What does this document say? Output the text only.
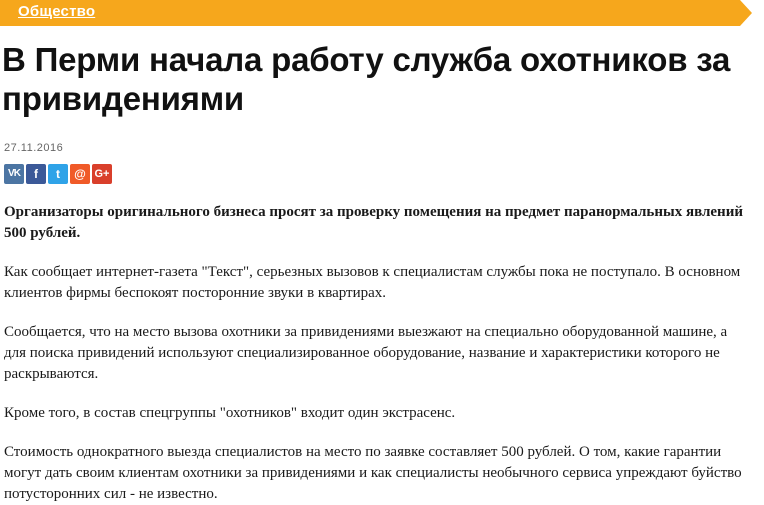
Общество
В Перми начала работу служба охотников за привидениями
27.11.2016
VK	f	t	@ G+

Организаторы оригинального бизнеса просят за проверку помещения на предмет паранормальных явлений 500 рублей.

Как сообщает интернет-газета "Текст", серьезных вызовов к специалистам службы пока не поступало. В основном клиентов фирмы беспокоят посторонние звуки в квартирах.

Сообщается, что на место вызова охотники за привидениями выезжают на специально оборудованной машине, а для поиска привидений используют специализированное оборудование, название и характеристики которого не раскрываются.

Кроме того, в состав спецгруппы "охотников" входит один экстрасенс.

Стоимость однократного выезда специалистов на место по заявке составляет 500 рублей. О том, какие гарантии могут дать своим клиентам охотники за привидениями и как специалисты необычного сервиса упреждают буйство потусторонних сил - не известно.
